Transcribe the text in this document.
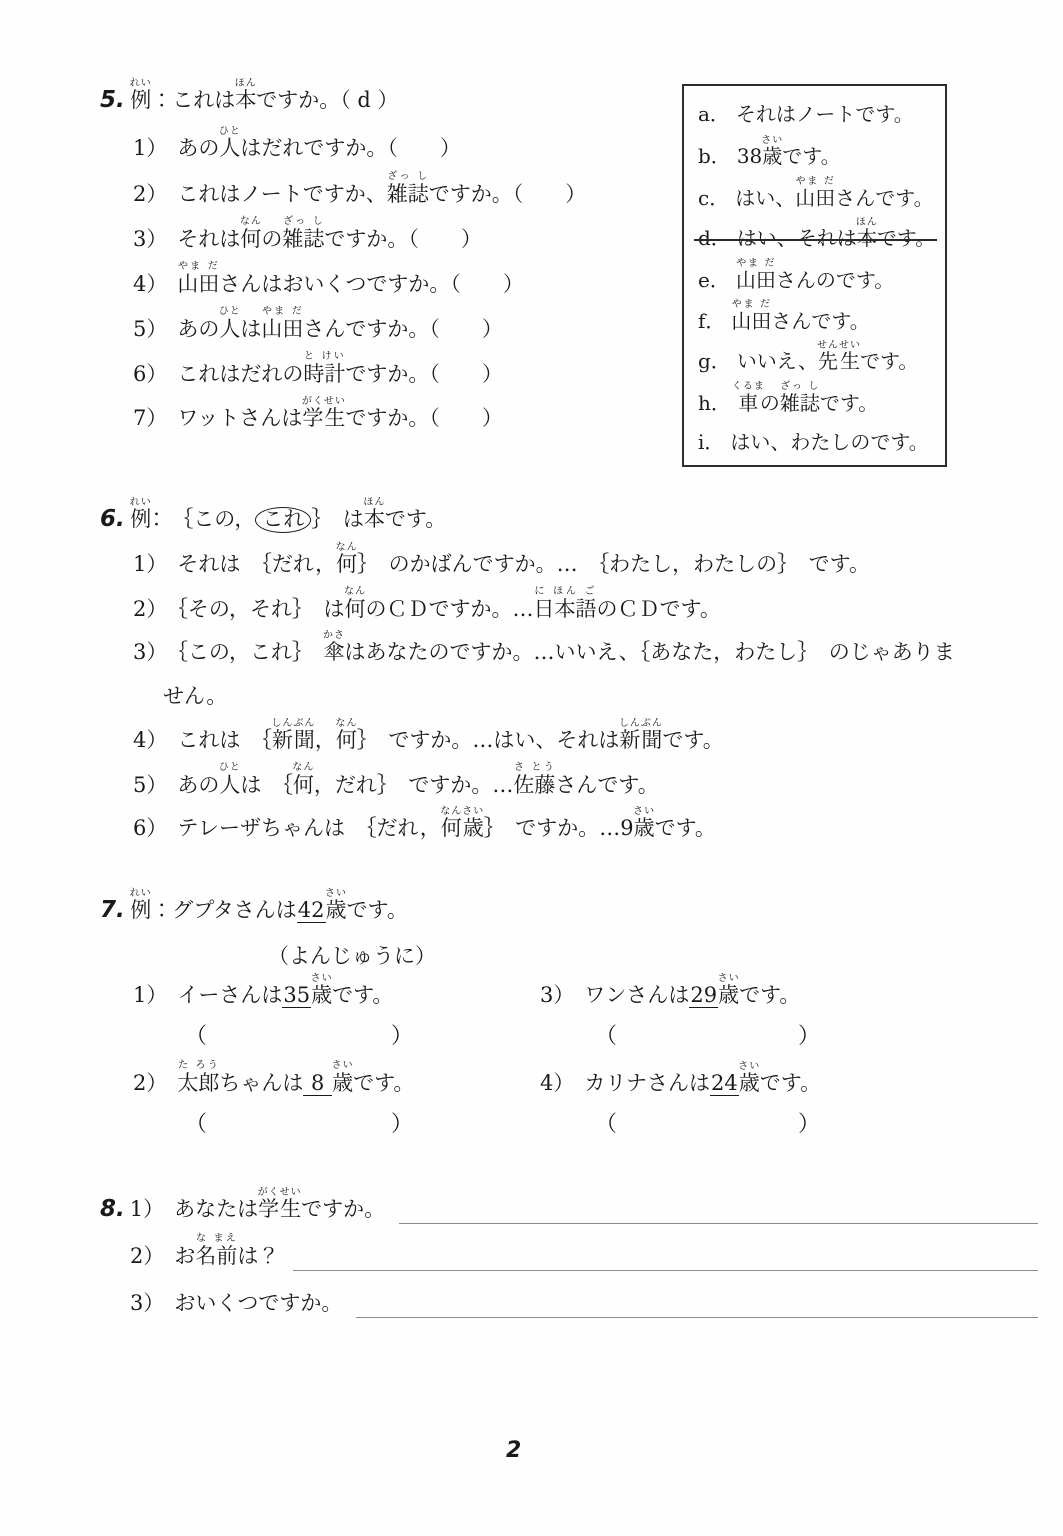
5. 例れい：これは本ほんですか。（ d ）
1） あの人ひとはだれですか。（　　）
2） これはノートですか、雑誌ざっ しですか。（　　）
3） それは何なんの雑誌ざっ しですか。（　　）
4） 山田やま ださんはおいくつですか。（　　）
5） あの人ひとは山田やま ださんですか。（　　）
6） これはだれの時計と けいですか。（　　）
7） ワットさんは学生がくせいですか。（　　）
a． それはノートです。
b． 38歳さいです。
c． はい、山田やま ださんです。
d． はい、それは本ほんです。
e． 山田やま ださんのです。
f． 山田やま ださんです。
g． いいえ、先生せんせいです。
h．車くるまの雑誌ざっ しです。
i． はい、わたしのです。
6. 例れい：　｛この， これ ｝　は本ほんです。
1） それは　｛だれ，何なん｝　のかばんですか。…　｛わたし，わたしの｝　です。
2） ｛その，それ｝　は何なんのＣＤですか。…日本語に ほん ごのＣＤです。
3） ｛この，これ｝　傘かさはあなたのですか。…いいえ、｛あなた，わたし｝　のじゃありま
せん。
4） これは　｛新聞しんぶん，何なん｝　ですか。…はい、それは新聞しんぶんです。
5） あの人ひとは　｛何なん，だれ｝　ですか。…佐藤さ とうさんです。
6） テレーザちゃんは　｛だれ，何歳なんさい｝　ですか。…9歳さいです。
7. 例れい：グプタさんは42歳さいです。
（よんじゅうに）
1） イーさんは35歳さいです。
（	）
2） 太郎た ろうちゃんは 8 歳さいです。
（	）
3） ワンさんは29歳さいです。
（	）
4） カリナさんは24歳さいです。
（	）
8. 1） あなたは学生がくせいですか。
2） お名前な まえは？
3） おいくつですか。
2
